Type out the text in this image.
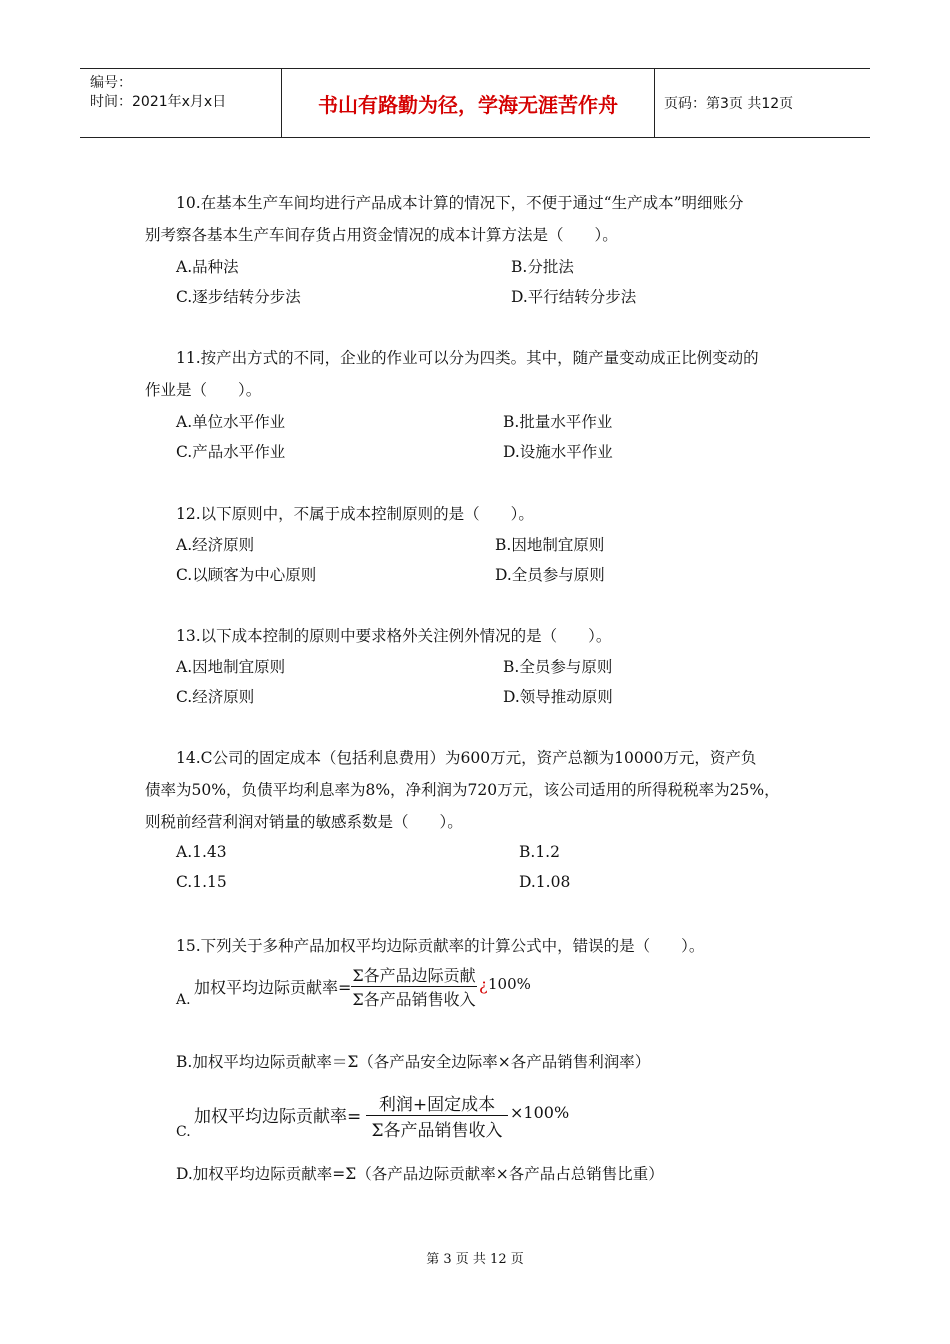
编号：
时间：2021年x月x日	书山有路勤为径，学海无涯苦作舟	页码：第3页 共12页
10.在基本生产车间均进行产品成本计算的情况下，不便于通过“生产成本”明细账分
别考察各基本生产车间存货占用资金情况的成本计算方法是（　　）。
A.品种法	B.分批法
C.逐步结转分步法	D.平行结转分步法
11.按产出方式的不同，企业的作业可以分为四类。其中，随产量变动成正比例变动的
作业是（　　）。
A.单位水平作业	B.批量水平作业
C.产品水平作业	D.设施水平作业
12.以下原则中，不属于成本控制原则的是（　　）。
A.经济原则	B.因地制宜原则
C.以顾客为中心原则	D.全员参与原则
13.以下成本控制的原则中要求格外关注例外情况的是（　　）。
A.因地制宜原则	B.全员参与原则
C.经济原则	D.领导推动原则
14.C公司的固定成本（包括利息费用）为600万元，资产总额为10000万元，资产负
债率为50%，负债平均利息率为8%，净利润为720万元，该公司适用的所得税税率为25%，
则税前经营利润对销量的敏感系数是（　　）。
A.1.43	B.1.2
C.1.15	D.1.08
15.下列关于多种产品加权平均边际贡献率的计算公式中，错误的是（　　）。
A.
加权平均边际贡献率=
Σ各产品边际贡献
Σ各产品销售收入
¿ 100%
B.加权平均边际贡献率＝Σ（各产品安全边际率×各产品销售利润率）
C.
加权平均边际贡献率=
利润+固定成本
Σ各产品销售收入
×100%
D.加权平均边际贡献率=Σ（各产品边际贡献率×各产品占总销售比重）
第 3 页 共 12 页
